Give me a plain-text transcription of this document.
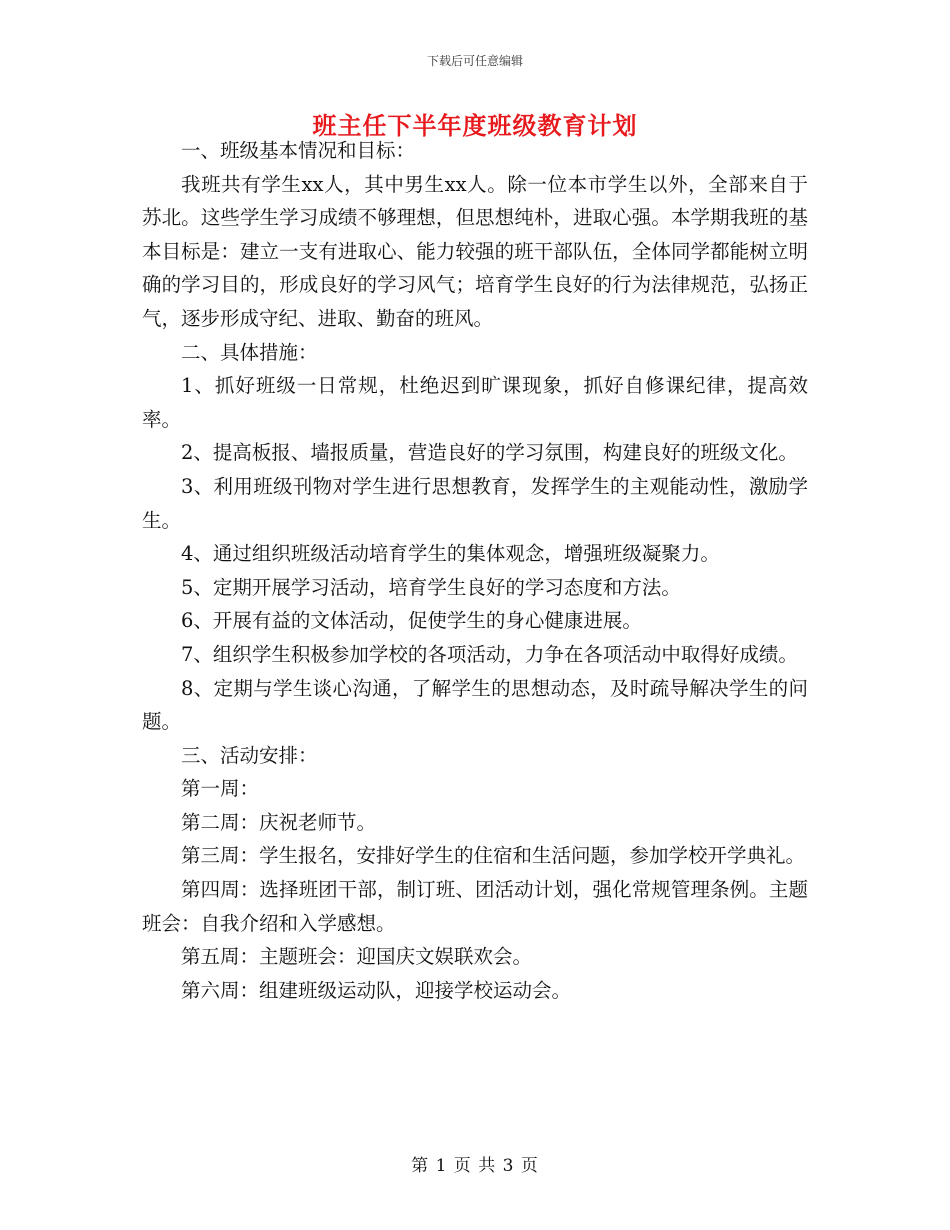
下载后可任意编辑
班主任下半年度班级教育计划

一、班级基本情况和目标：

我班共有学生xx人，其中男生xx人。除一位本市学生以外，全部来自于苏北。这些学生学习成绩不够理想，但思想纯朴，进取心强。本学期我班的基本目标是：建立一支有进取心、能力较强的班干部队伍，全体同学都能树立明确的学习目的，形成良好的学习风气；培育学生良好的行为法律规范，弘扬正气，逐步形成守纪、进取、勤奋的班风。

二、具体措施：

1、抓好班级一日常规，杜绝迟到旷课现象，抓好自修课纪律，提高效率。

2、提高板报、墙报质量，营造良好的学习氛围，构建良好的班级文化。

3、利用班级刊物对学生进行思想教育，发挥学生的主观能动性，激励学生。

4、通过组织班级活动培育学生的集体观念，增强班级凝聚力。

5、定期开展学习活动，培育学生良好的学习态度和方法。

6、开展有益的文体活动，促使学生的身心健康进展。

7、组织学生积极参加学校的各项活动，力争在各项活动中取得好成绩。

8、定期与学生谈心沟通，了解学生的思想动态，及时疏导解决学生的问题。

三、活动安排：

第一周：

第二周：庆祝老师节。

第三周：学生报名，安排好学生的住宿和生活问题，参加学校开学典礼。

第四周：选择班团干部，制订班、团活动计划，强化常规管理条例。主题班会：自我介绍和入学感想。

第五周：主题班会：迎国庆文娱联欢会。

第六周：组建班级运动队，迎接学校运动会。

第 1 页 共 3 页
